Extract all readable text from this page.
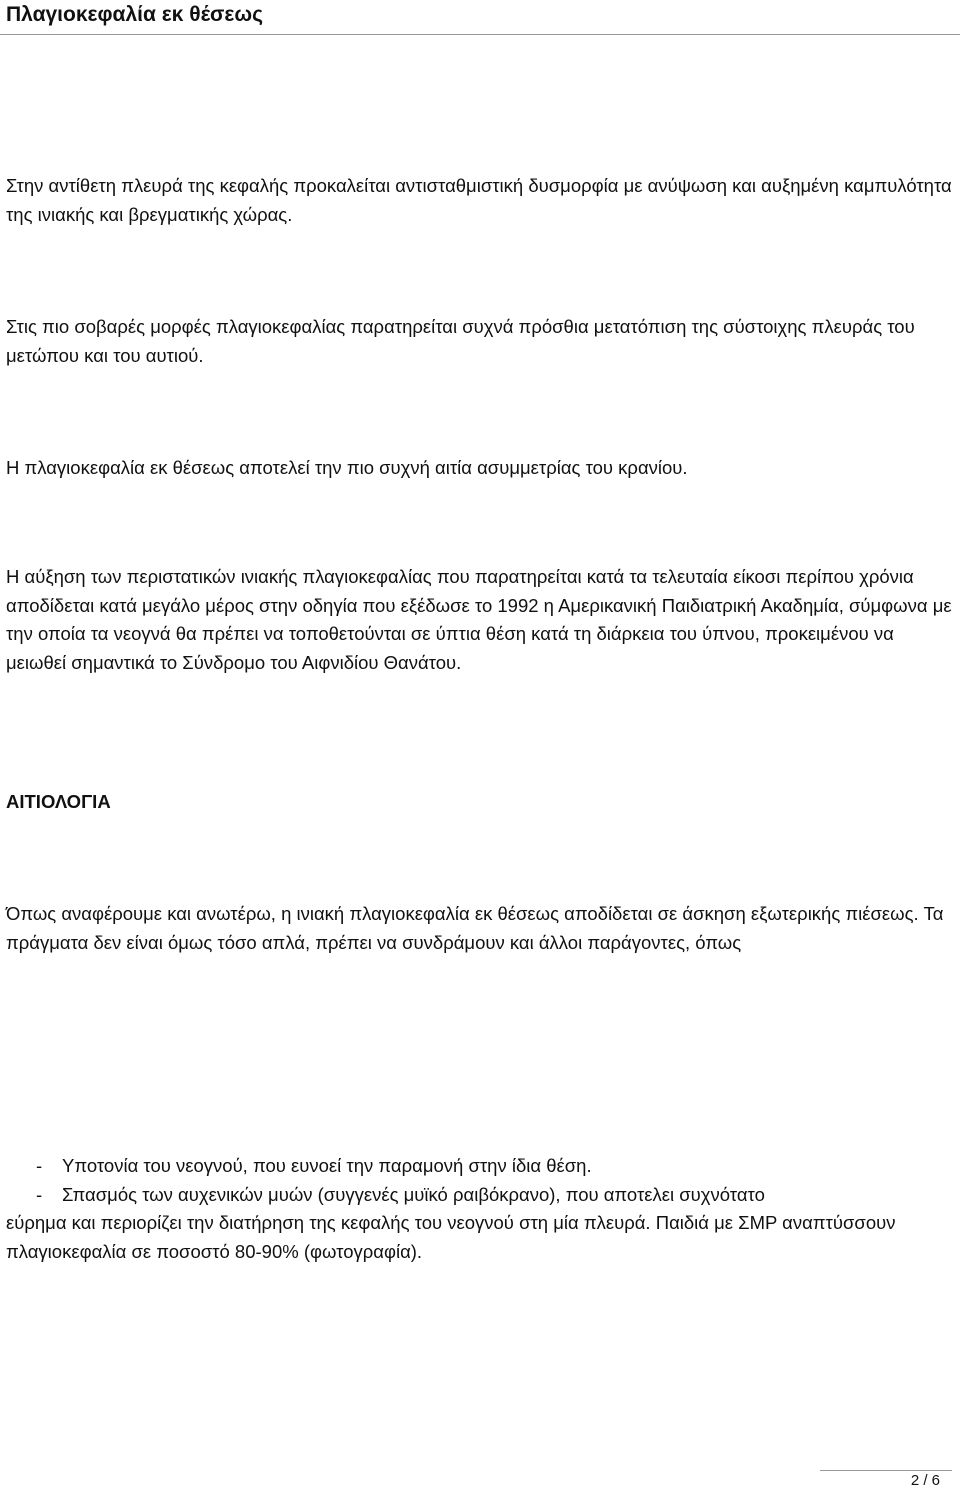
Πλαγιοκεφαλία εκ θέσεως

Στην αντίθετη πλευρά της κεφαλής προκαλείται αντισταθμιστική δυσμορφία με ανύψωση και αυξημένη καμπυλότητα της ινιακής και βρεγματικής χώρας.

Στις πιο σοβαρές μορφές πλαγιοκεφαλίας παρατηρείται συχνά πρόσθια μετατόπιση της σύστοιχης πλευράς του μετώπου και του αυτιού.

Η πλαγιοκεφαλία εκ θέσεως αποτελεί την πιο συχνή αιτία ασυμμετρίας του κρανίου.

Η αύξηση των περιστατικών ινιακής πλαγιοκεφαλίας που παρατηρείται κατά τα τελευταία είκοσι περίπου χρόνια αποδίδεται κατά μεγάλο μέρος στην οδηγία που εξέδωσε το 1992 η Αμερικανική Παιδιατρική Ακαδημία, σύμφωνα με την οποία τα νεογνά θα πρέπει να τοποθετούνται σε ύπτια θέση κατά τη διάρκεια του ύπνου, προκειμένου να μειωθεί σημαντικά το Σύνδρομο του Αιφνιδίου Θανάτου.

ΑΙΤΙΟΛΟΓΙΑ

Όπως αναφέρουμε και ανωτέρω, η ινιακή πλαγιοκεφαλία εκ θέσεως αποδίδεται σε άσκηση εξωτερικής πιέσεως. Τα πράγματα δεν είναι όμως τόσο απλά, πρέπει να συνδράμουν και άλλοι παράγοντες, όπως

- Υποτονία του νεογνού, που ευνοεί την παραμονή στην ίδια θέση.
- Σπασμός των αυχενικών μυών (συγγενές μυϊκό ραιβόκρανο), που αποτελει συχνότατο
εύρημα και περιορίζει την διατήρηση της κεφαλής του νεογνού στη μία πλευρά. Παιδιά με ΣΜΡ αναπτύσσουν πλαγιοκεφαλία σε ποσοστό 80-90% (φωτογραφία).
2 / 6
